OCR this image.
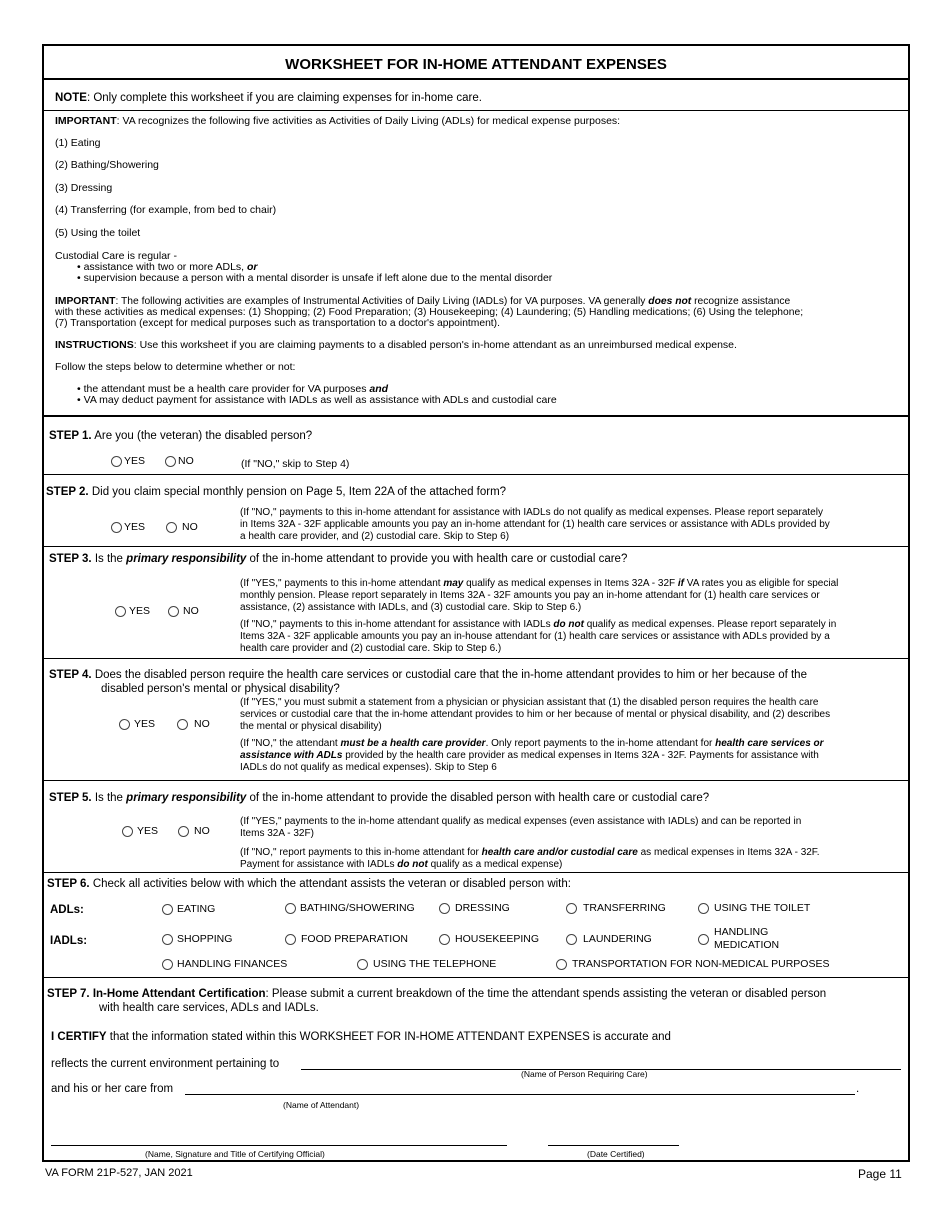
WORKSHEET FOR IN-HOME ATTENDANT EXPENSES
NOTE: Only complete this worksheet if you are claiming expenses for in-home care.
IMPORTANT: VA recognizes the following five activities as Activities of Daily Living (ADLs) for medical expense purposes:
(1) Eating
(2) Bathing/Showering
(3) Dressing
(4) Transferring (for example, from bed to chair)
(5) Using the toilet
Custodial Care is regular -
• assistance with two or more ADLs, or
• supervision because a person with a mental disorder is unsafe if left alone due to the mental disorder
IMPORTANT: The following activities are examples of Instrumental Activities of Daily Living (IADLs) for VA purposes. VA generally does not recognize assistance
with these activities as medical expenses: (1) Shopping; (2) Food Preparation; (3) Housekeeping; (4) Laundering; (5) Handling medications; (6) Using the telephone;
(7) Transportation (except for medical purposes such as transportation to a doctor's appointment).
INSTRUCTIONS: Use this worksheet if you are claiming payments to a disabled person's in-home attendant as an unreimbursed medical expense.
Follow the steps below to determine whether or not:
• the attendant must be a health care provider for VA purposes and
• VA may deduct payment for assistance with IADLs as well as assistance with ADLs and custodial care
STEP 1. Are you (the veteran) the disabled person?
YES	NO	(If "NO," skip to Step 4)
STEP 2. Did you claim special monthly pension on Page 5, Item 22A of the attached form?
YES	NO
(If "NO," payments to this in-home attendant for assistance with IADLs do not qualify as medical expenses. Please report separately
in Items 32A - 32F applicable amounts you pay an in-home attendant for (1) health care services or assistance with ADLs provided by
a health care provider, and (2) custodial care. Skip to Step 6)
STEP 3. Is the primary responsibility of the in-home attendant to provide you with health care or custodial care?
YES	NO
(If "YES," payments to this in-home attendant may qualify as medical expenses in Items 32A - 32F if VA rates you as eligible for special
monthly pension. Please report separately in Items 32A - 32F amounts you pay an in-home attendant for (1) health care services or
assistance, (2) assistance with IADLs, and (3) custodial care. Skip to Step 6.)
(If "NO," payments to this in-home attendant for assistance with IADLs do not qualify as medical expenses. Please report separately in
Items 32A - 32F applicable amounts you pay an in-house attendant for (1) health care services or assistance with ADLs provided by a
health care provider and (2) custodial care. Skip to Step 6.)
STEP 4. Does the disabled person require the health care services or custodial care that the in-home attendant provides to him or her because of the
disabled person's mental or physical disability?
YES	NO
(If "YES," you must submit a statement from a physician or physician assistant that (1) the disabled person requires the health care
services or custodial care that the in-home attendant provides to him or her because of mental or physical disability, and (2) describes
the mental or physical disability)
(If "NO," the attendant must be a health care provider. Only report payments to the in-home attendant for health care services or
assistance with ADLs provided by the health care provider as medical expenses in Items 32A - 32F. Payments for assistance with
IADLs do not qualify as medical expenses). Skip to Step 6
STEP 5. Is the primary responsibility of the in-home attendant to provide the disabled person with health care or custodial care?
YES	NO
(If "YES," payments to the in-home attendant qualify as medical expenses (even assistance with IADLs) and can be reported in
Items 32A - 32F)
(If "NO," report payments to this in-home attendant for health care and/or custodial care as medical expenses in Items 32A - 32F.
Payment for assistance with IADLs do not qualify as a medical expense)
STEP 6. Check all activities below with which the attendant assists the veteran or disabled person with:
ADLs:	EATING	BATHING/SHOWERING	DRESSING	TRANSFERRING	USING THE TOILET
IADLs:	SHOPPING	FOOD PREPARATION	HOUSEKEEPING	LAUNDERING
HANDLING
MEDICATION
HANDLING FINANCES	USING THE TELEPHONE	TRANSPORTATION FOR NON-MEDICAL PURPOSES
STEP 7. In-Home Attendant Certification: Please submit a current breakdown of the time the attendant spends assisting the veteran or disabled person
with health care services, ADLs and IADLs.
I CERTIFY that the information stated within this WORKSHEET FOR IN-HOME ATTENDANT EXPENSES is accurate and
reflects the current environment pertaining to
(Name of Person Requiring Care)
and his or her care from	.
(Name of Attendant)
(Name, Signature and Title of Certifying Official)	(Date Certified)
VA FORM 21P-527, JAN 2021	Page 11
